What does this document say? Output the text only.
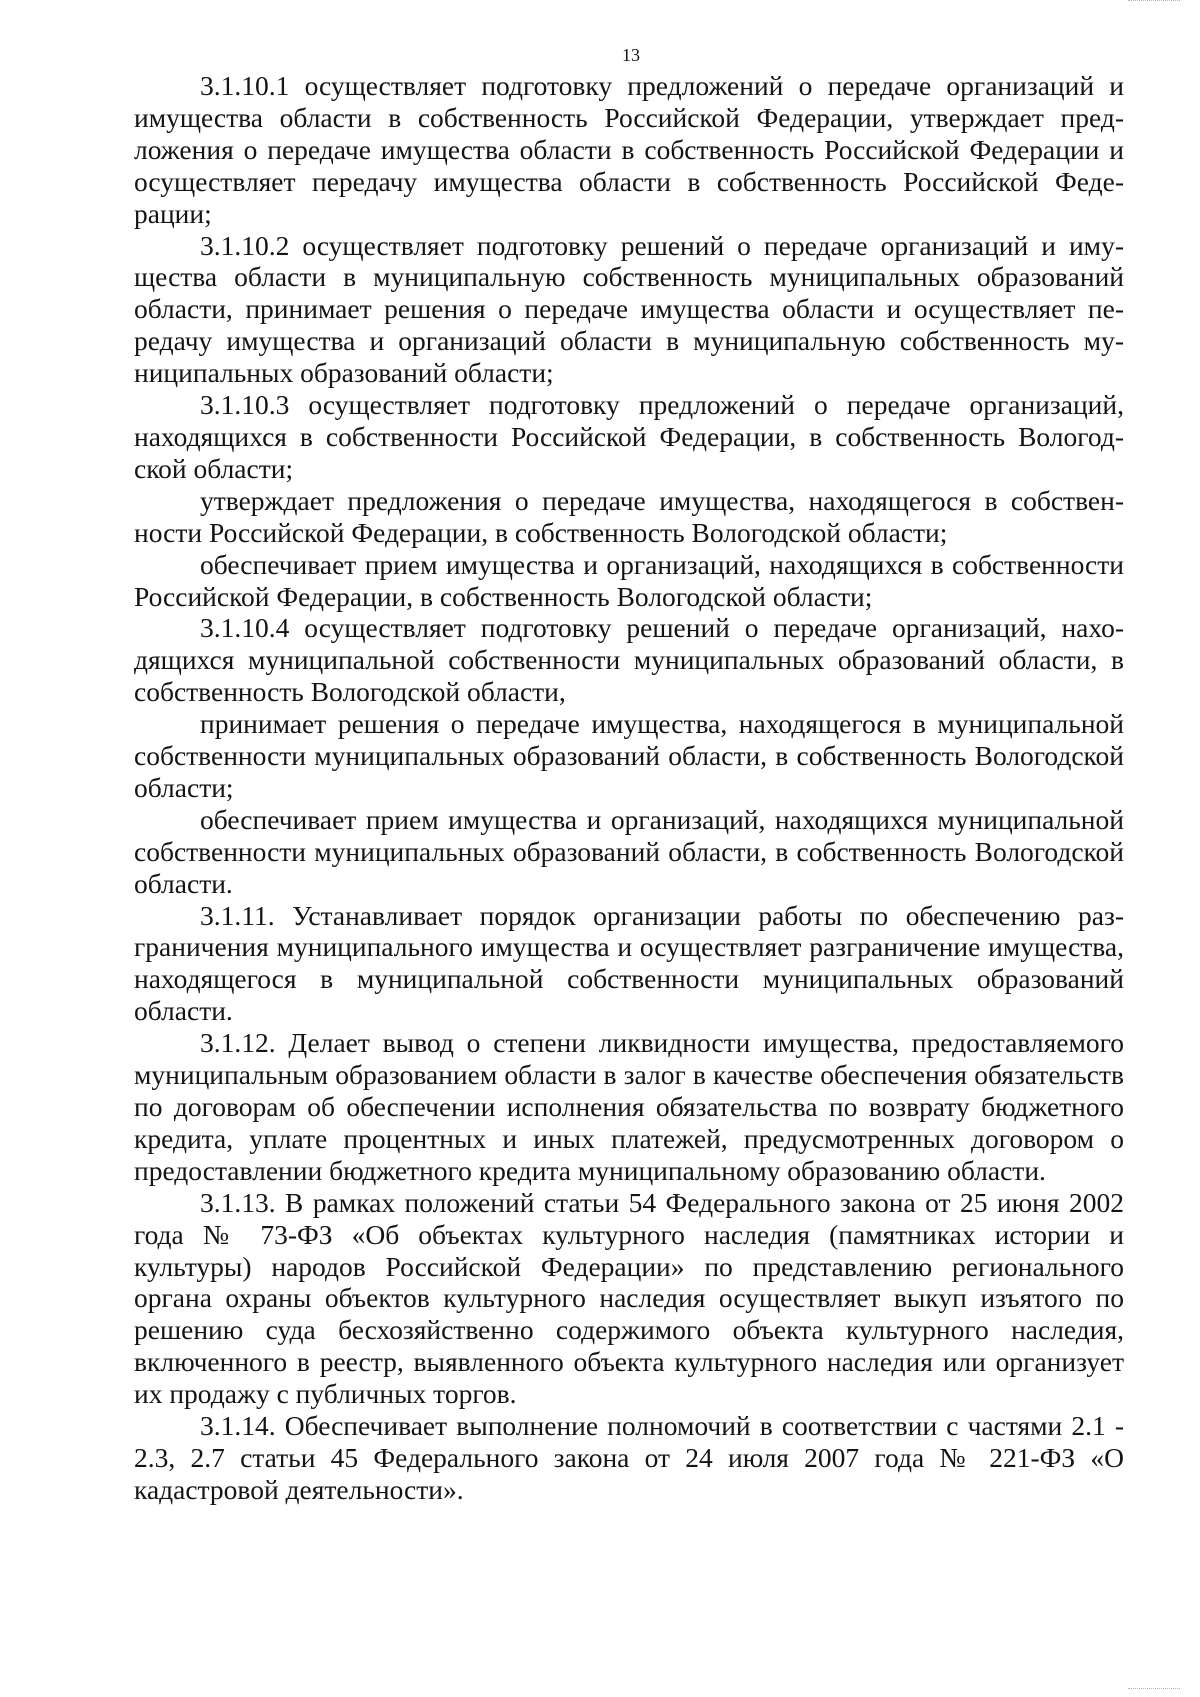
13

3.1.10.1 осуществляет подготовку предложений о передаче организаций и имущества области в собственность Российской Федерации, утверждает предложения о передаче имущества области в собственность Российской Федерации и осуществляет передачу имущества области в собственность Российской Федерации;

3.1.10.2 осуществляет подготовку решений о передаче организаций и имущества области в муниципальную собственность муниципальных образований области, принимает решения о передаче имущества области и осуществляет передачу имущества и организаций области в муниципальную собственность муниципальных образований области;

3.1.10.3 осуществляет подготовку предложений о передаче организаций, находящихся в собственности Российской Федерации, в собственность Вологодской области;

утверждает предложения о передаче имущества, находящегося в собственности Российской Федерации, в собственность Вологодской области;

обеспечивает прием имущества и организаций, находящихся в собственности Российской Федерации, в собственность Вологодской области;

3.1.10.4 осуществляет подготовку решений о передаче организаций, находящихся муниципальной собственности муниципальных образований области, в собственность Вологодской области,

принимает решения о передаче имущества, находящегося в муниципальной собственности муниципальных образований области, в собственность Вологодской области;

обеспечивает прием имущества и организаций, находящихся муниципальной собственности муниципальных образований области, в собственность Вологодской области.

3.1.11. Устанавливает порядок организации работы по обеспечению разграничения муниципального имущества и осуществляет разграничение имущества, находящегося в муниципальной собственности муниципальных образований области.

3.1.12. Делает вывод о степени ликвидности имущества, предоставляемого муниципальным образованием области в залог в качестве обеспечения обязательств по договорам об обеспечении исполнения обязательства по возврату бюджетного кредита, уплате процентных и иных платежей, предусмотренных договором о предоставлении бюджетного кредита муниципальному образованию области.

3.1.13. В рамках положений статьи 54 Федерального закона от 25 июня 2002 года № 73-ФЗ «Об объектах культурного наследия (памятниках истории и культуры) народов Российской Федерации» по представлению регионального органа охраны объектов культурного наследия осуществляет выкуп изъятого по решению суда бесхозяйственно содержимого объекта культурного наследия, включенного в реестр, выявленного объекта культурного наследия или организует их продажу с публичных торгов.

3.1.14. Обеспечивает выполнение полномочий в соответствии с частями 2.1 - 2.3, 2.7 статьи 45 Федерального закона от 24 июля 2007 года № 221-ФЗ «О кадастровой деятельности».
